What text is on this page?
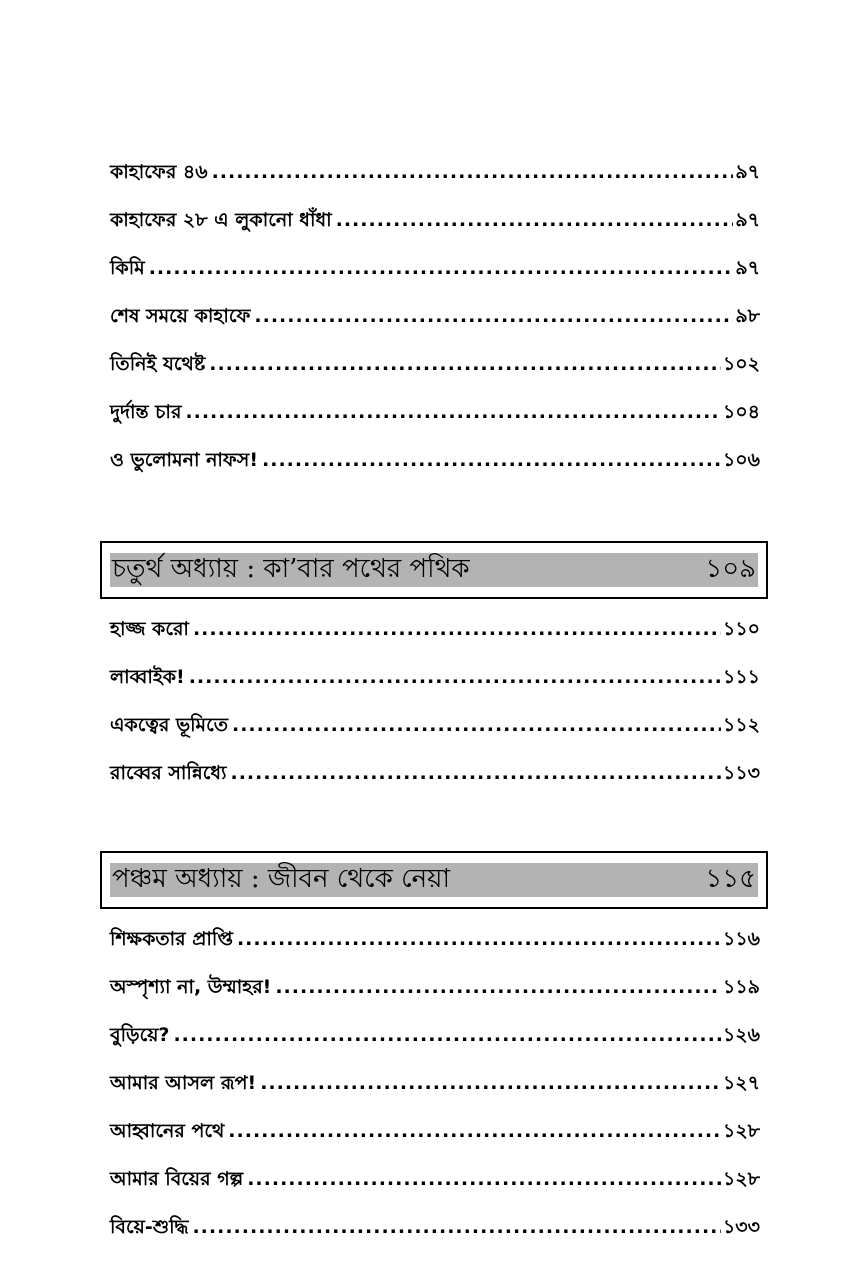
কাহাফের ৪৬ .....	৯৭
কাহাফের ২৮ এ লুকানো ধাঁধা .....	৯৭
কিমি .....	৯৭
শেষ সময়ে কাহাফে .....	৯৮
তিনিই যথেষ্ট .....	১০২
দুর্দান্ত চার .....	১০৪
ও ভুলোমনা নাফস! .....	১০৬
চতুর্থ অধ্যায় : কা’বার পথের পথিক	১০৯
হাজ্জ করো .....	১১০
লাব্বাইক! .....	১১১
একত্বের ভূমিতে .....	১১২
রাব্বের সান্নিধ্যে .....	১১৩
পঞ্চম অধ্যায় : জীবন থেকে নেয়া	১১৫
শিক্ষকতার প্রাপ্তি .....	১১৬
অস্পৃশ্যা না, উম্মাহর! .....	১১৯
বুড়িয়ে? .....	১২৬
আমার আসল রূপ! .....	১২৭
আহ্বানের পথে .....	১২৮
আমার বিয়ের গল্প .....	১২৮
বিয়ে-শুদ্ধি .....	১৩৩
